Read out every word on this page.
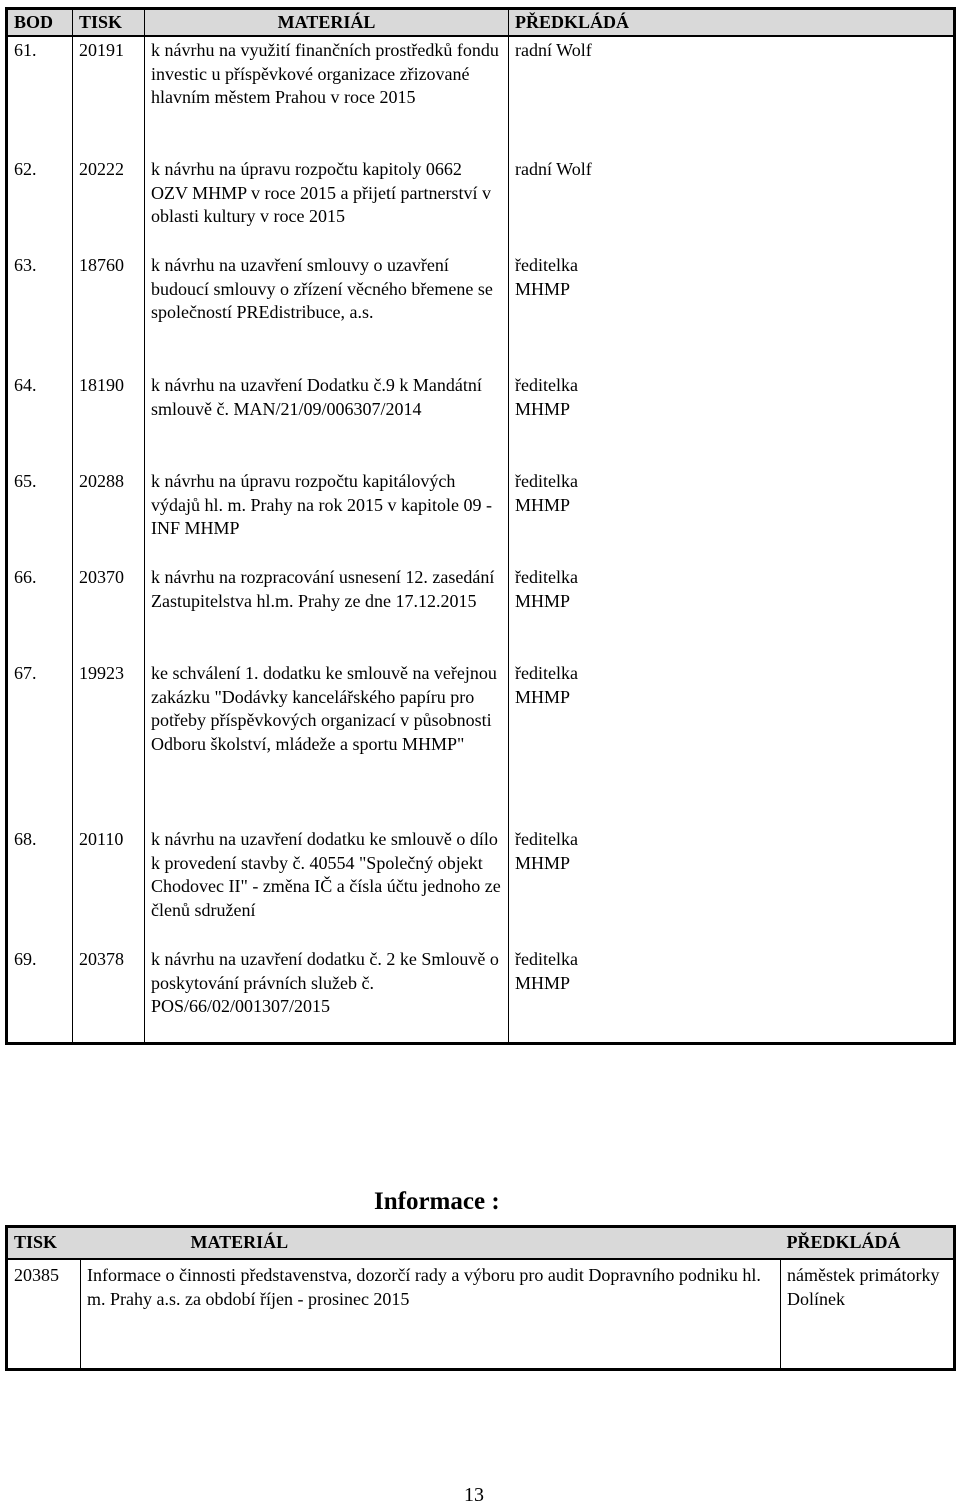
BOD	TISK	MATERIÁL	PŘEDKLÁDÁ
61.	20191	k návrhu na využití finančních prostředků fondu investic u příspěvkové organizace zřizované hlavním městem Prahou v roce 2015	radní Wolf

62.	20222	k návrhu na úpravu rozpočtu kapitoly 0662 OZV MHMP v roce 2015 a přijetí partnerství v oblasti kultury v roce 2015	radní Wolf

63.	18760	k návrhu na uzavření smlouvy o uzavření budoucí smlouvy o zřízení věcného břemene se společností PREdistribuce, a.s.	ředitelka MHMP

64.	18190	k návrhu na uzavření Dodatku č.9 k Mandátní smlouvě č. MAN/21/09/006307/2014	ředitelka MHMP

65.	20288	k návrhu na úpravu rozpočtu kapitálových výdajů hl. m. Prahy na rok 2015 v kapitole 09 - INF MHMP	ředitelka MHMP

66.	20370	k návrhu na rozpracování usnesení 12. zasedání Zastupitelstva hl.m. Prahy ze dne 17.12.2015	ředitelka MHMP

67.	19923	ke schválení 1. dodatku ke smlouvě na veřejnou zakázku "Dodávky kancelářského papíru pro potřeby příspěvkových organizací v působnosti Odboru školství, mládeže a sportu MHMP"	ředitelka MHMP

68.	20110	k návrhu na uzavření dodatku ke smlouvě o dílo k provedení stavby č. 40554 "Společný objekt Chodovec II" - změna IČ a čísla účtu jednoho ze členů sdružení	ředitelka MHMP

69.	20378	k návrhu na uzavření dodatku č. 2 ke Smlouvě o poskytování právních služeb č. POS/66/02/001307/2015	ředitelka MHMP
Informace :
TISK	MATERIÁL	PŘEDKLÁDÁ
20385	Informace o činnosti představenstva, dozorčí rady a výboru pro audit Dopravního podniku hl. m. Prahy a.s. za období říjen - prosinec 2015	náměstek primátorky Dolínek
13
